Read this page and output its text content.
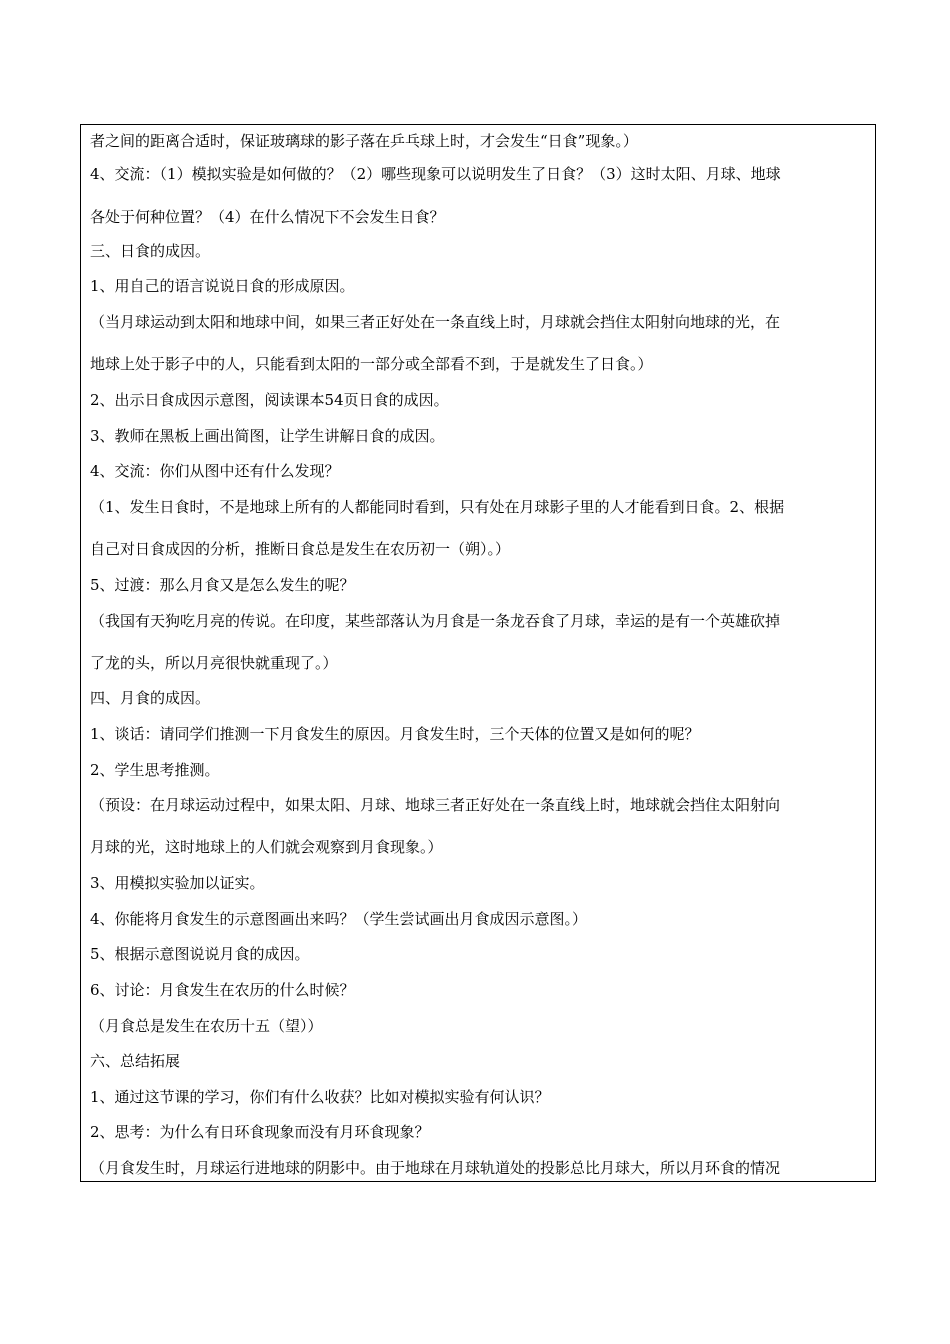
者之间的距离合适时，保证玻璃球的影子落在乒乓球上时，才会发生“日食”现象。）
4、交流：（1）模拟实验是如何做的？（2）哪些现象可以说明发生了日食？（3）这时太阳、月球、地球
各处于何种位置？（4）在什么情况下不会发生日食？
三、日食的成因。
1、用自己的语言说说日食的形成原因。
（当月球运动到太阳和地球中间，如果三者正好处在一条直线上时，月球就会挡住太阳射向地球的光，在
地球上处于影子中的人，只能看到太阳的一部分或全部看不到，于是就发生了日食。）
2、出示日食成因示意图，阅读课本54页日食的成因。
3、教师在黑板上画出简图，让学生讲解日食的成因。
4、交流：你们从图中还有什么发现？
（1、发生日食时，不是地球上所有的人都能同时看到，只有处在月球影子里的人才能看到日食。2、根据
自己对日食成因的分析，推断日食总是发生在农历初一（朔）。）
5、过渡：那么月食又是怎么发生的呢？
（我国有天狗吃月亮的传说。在印度，某些部落认为月食是一条龙吞食了月球，幸运的是有一个英雄砍掉
了龙的头，所以月亮很快就重现了。）
四、月食的成因。
1、谈话：请同学们推测一下月食发生的原因。月食发生时，三个天体的位置又是如何的呢？
2、学生思考推测。
（预设：在月球运动过程中，如果太阳、月球、地球三者正好处在一条直线上时，地球就会挡住太阳射向
月球的光，这时地球上的人们就会观察到月食现象。）
3、用模拟实验加以证实。
4、你能将月食发生的示意图画出来吗？（学生尝试画出月食成因示意图。）
5、根据示意图说说月食的成因。
6、讨论：月食发生在农历的什么时候？
（月食总是发生在农历十五（望））
六、总结拓展
1、通过这节课的学习，你们有什么收获？比如对模拟实验有何认识？
2、思考：为什么有日环食现象而没有月环食现象？
（月食发生时，月球运行进地球的阴影中。由于地球在月球轨道处的投影总比月球大，所以月环食的情况
